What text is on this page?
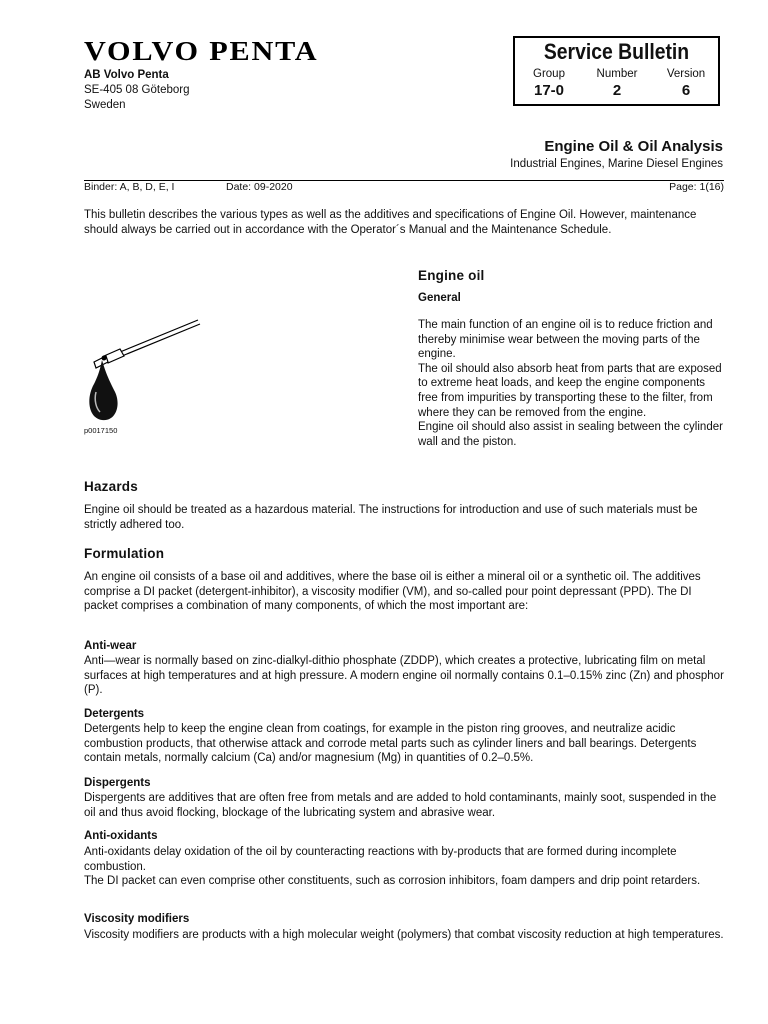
VOLVO PENTA
AB Volvo Penta
SE-405 08 Göteborg
Sweden
Service Bulletin
Group
17-0
Number
2
Version
6
Engine Oil & Oil Analysis
Industrial Engines, Marine Diesel Engines
Binder: A, B, D, E, I	Date: 09-2020	Page: 1(16)

This bulletin describes the various types as well as the additives and specifications of Engine Oil. However, maintenance should always be carried out in accordance with the Operator´s Manual and the Maintenance Schedule.

p0017150
Engine oil
General
The main function of an engine oil is to reduce friction and thereby minimise wear between the moving parts of the engine.
The oil should also absorb heat from parts that are exposed to extreme heat loads, and keep the engine components free from impurities by transporting these to the filter, from where they can be removed from the engine.
Engine oil should also assist in sealing between the cylinder wall and the piston.
Hazards

Engine oil should be treated as a hazardous material. The instructions for introduction and use of such materials must be strictly adhered too.

Formulation

An engine oil consists of a base oil and additives, where the base oil is either a mineral oil or a synthetic oil. The additives comprise a DI packet (detergent-inhibitor), a viscosity modifier (VM), and so-called pour point depressant (PPD). The DI packet comprises a combination of many components, of which the most important are:

Anti-wear

Anti—wear is normally based on zinc-dialkyl-dithio phosphate (ZDDP), which creates a protective, lubricating film on metal surfaces at high temperatures and at high pressure. A modern engine oil normally contains 0.1–0.15% zinc (Zn) and phosphor (P).

Detergents

Detergents help to keep the engine clean from coatings, for example in the piston ring grooves, and neutralize acidic combustion products, that otherwise attack and corrode metal parts such as cylinder liners and ball bearings. Detergents contain metals, normally calcium (Ca) and/or magnesium (Mg) in quantities of 0.2–0.5%.

Dispergents

Dispergents are additives that are often free from metals and are added to hold contaminants, mainly soot, suspended in the oil and thus avoid flocking, blockage of the lubricating system and abrasive wear.

Anti-oxidants
Anti-oxidants delay oxidation of the oil by counteracting reactions with by-products that are formed during incomplete combustion.
The DI packet can even comprise other constituents, such as corrosion inhibitors, foam dampers and drip point retarders.
Viscosity modifiers

Viscosity modifiers are products with a high molecular weight (polymers) that combat viscosity reduction at high temperatures.
